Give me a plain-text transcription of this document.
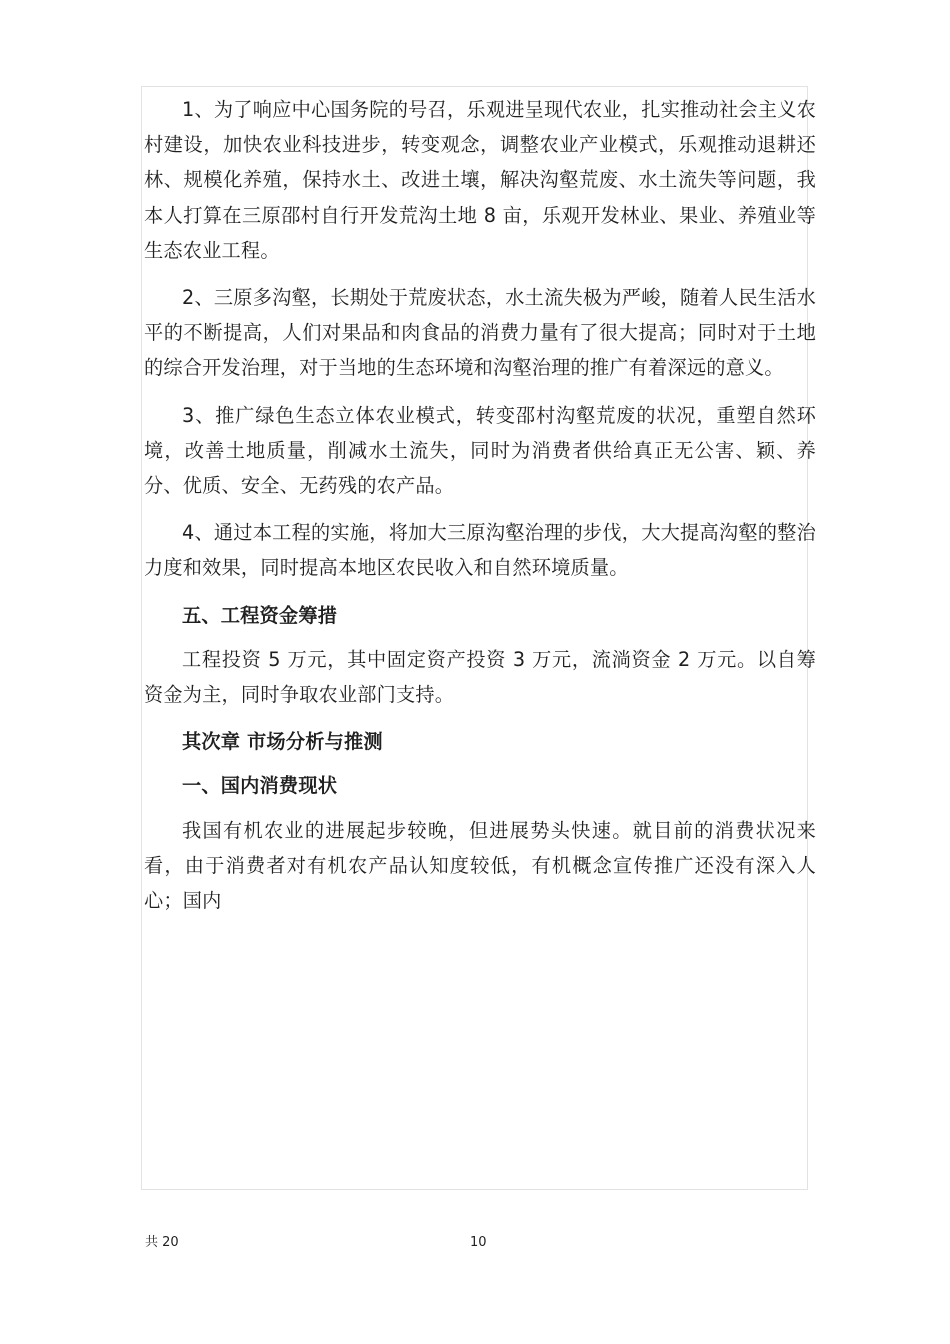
1、为了响应中心国务院的号召，乐观进呈现代农业，扎实推动社会主义农村建设，加快农业科技进步，转变观念，调整农业产业模式，乐观推动退耕还林、规模化养殖，保持水土、改进土壤，解决沟壑荒废、水土流失等问题，我本人打算在三原邵村自行开发荒沟土地 8 亩，乐观开发林业、果业、养殖业等生态农业工程。

2、三原多沟壑，长期处于荒废状态，水土流失极为严峻，随着人民生活水平的不断提高，人们对果品和肉食品的消费力量有了很大提高；同时对于土地的综合开发治理，对于当地的生态环境和沟壑治理的推广有着深远的意义。

3、推广绿色生态立体农业模式，转变邵村沟壑荒废的状况，重塑自然环境，改善土地质量，削减水土流失，同时为消费者供给真正无公害、颖、养分、优质、安全、无药残的农产品。

4、通过本工程的实施，将加大三原沟壑治理的步伐，大大提高沟壑的整治力度和效果，同时提高本地区农民收入和自然环境质量。

五、工程资金筹措

工程投资 5 万元，其中固定资产投资 3 万元，流淌资金 2 万元。以自筹资金为主，同时争取农业部门支持。

其次章 市场分析与推测

一、国内消费现状

我国有机农业的进展起步较晚，但进展势头快速。就目前的消费状况来看，由于消费者对有机农产品认知度较低，有机概念宣传推广还没有深入人心；国内

共 20	10
